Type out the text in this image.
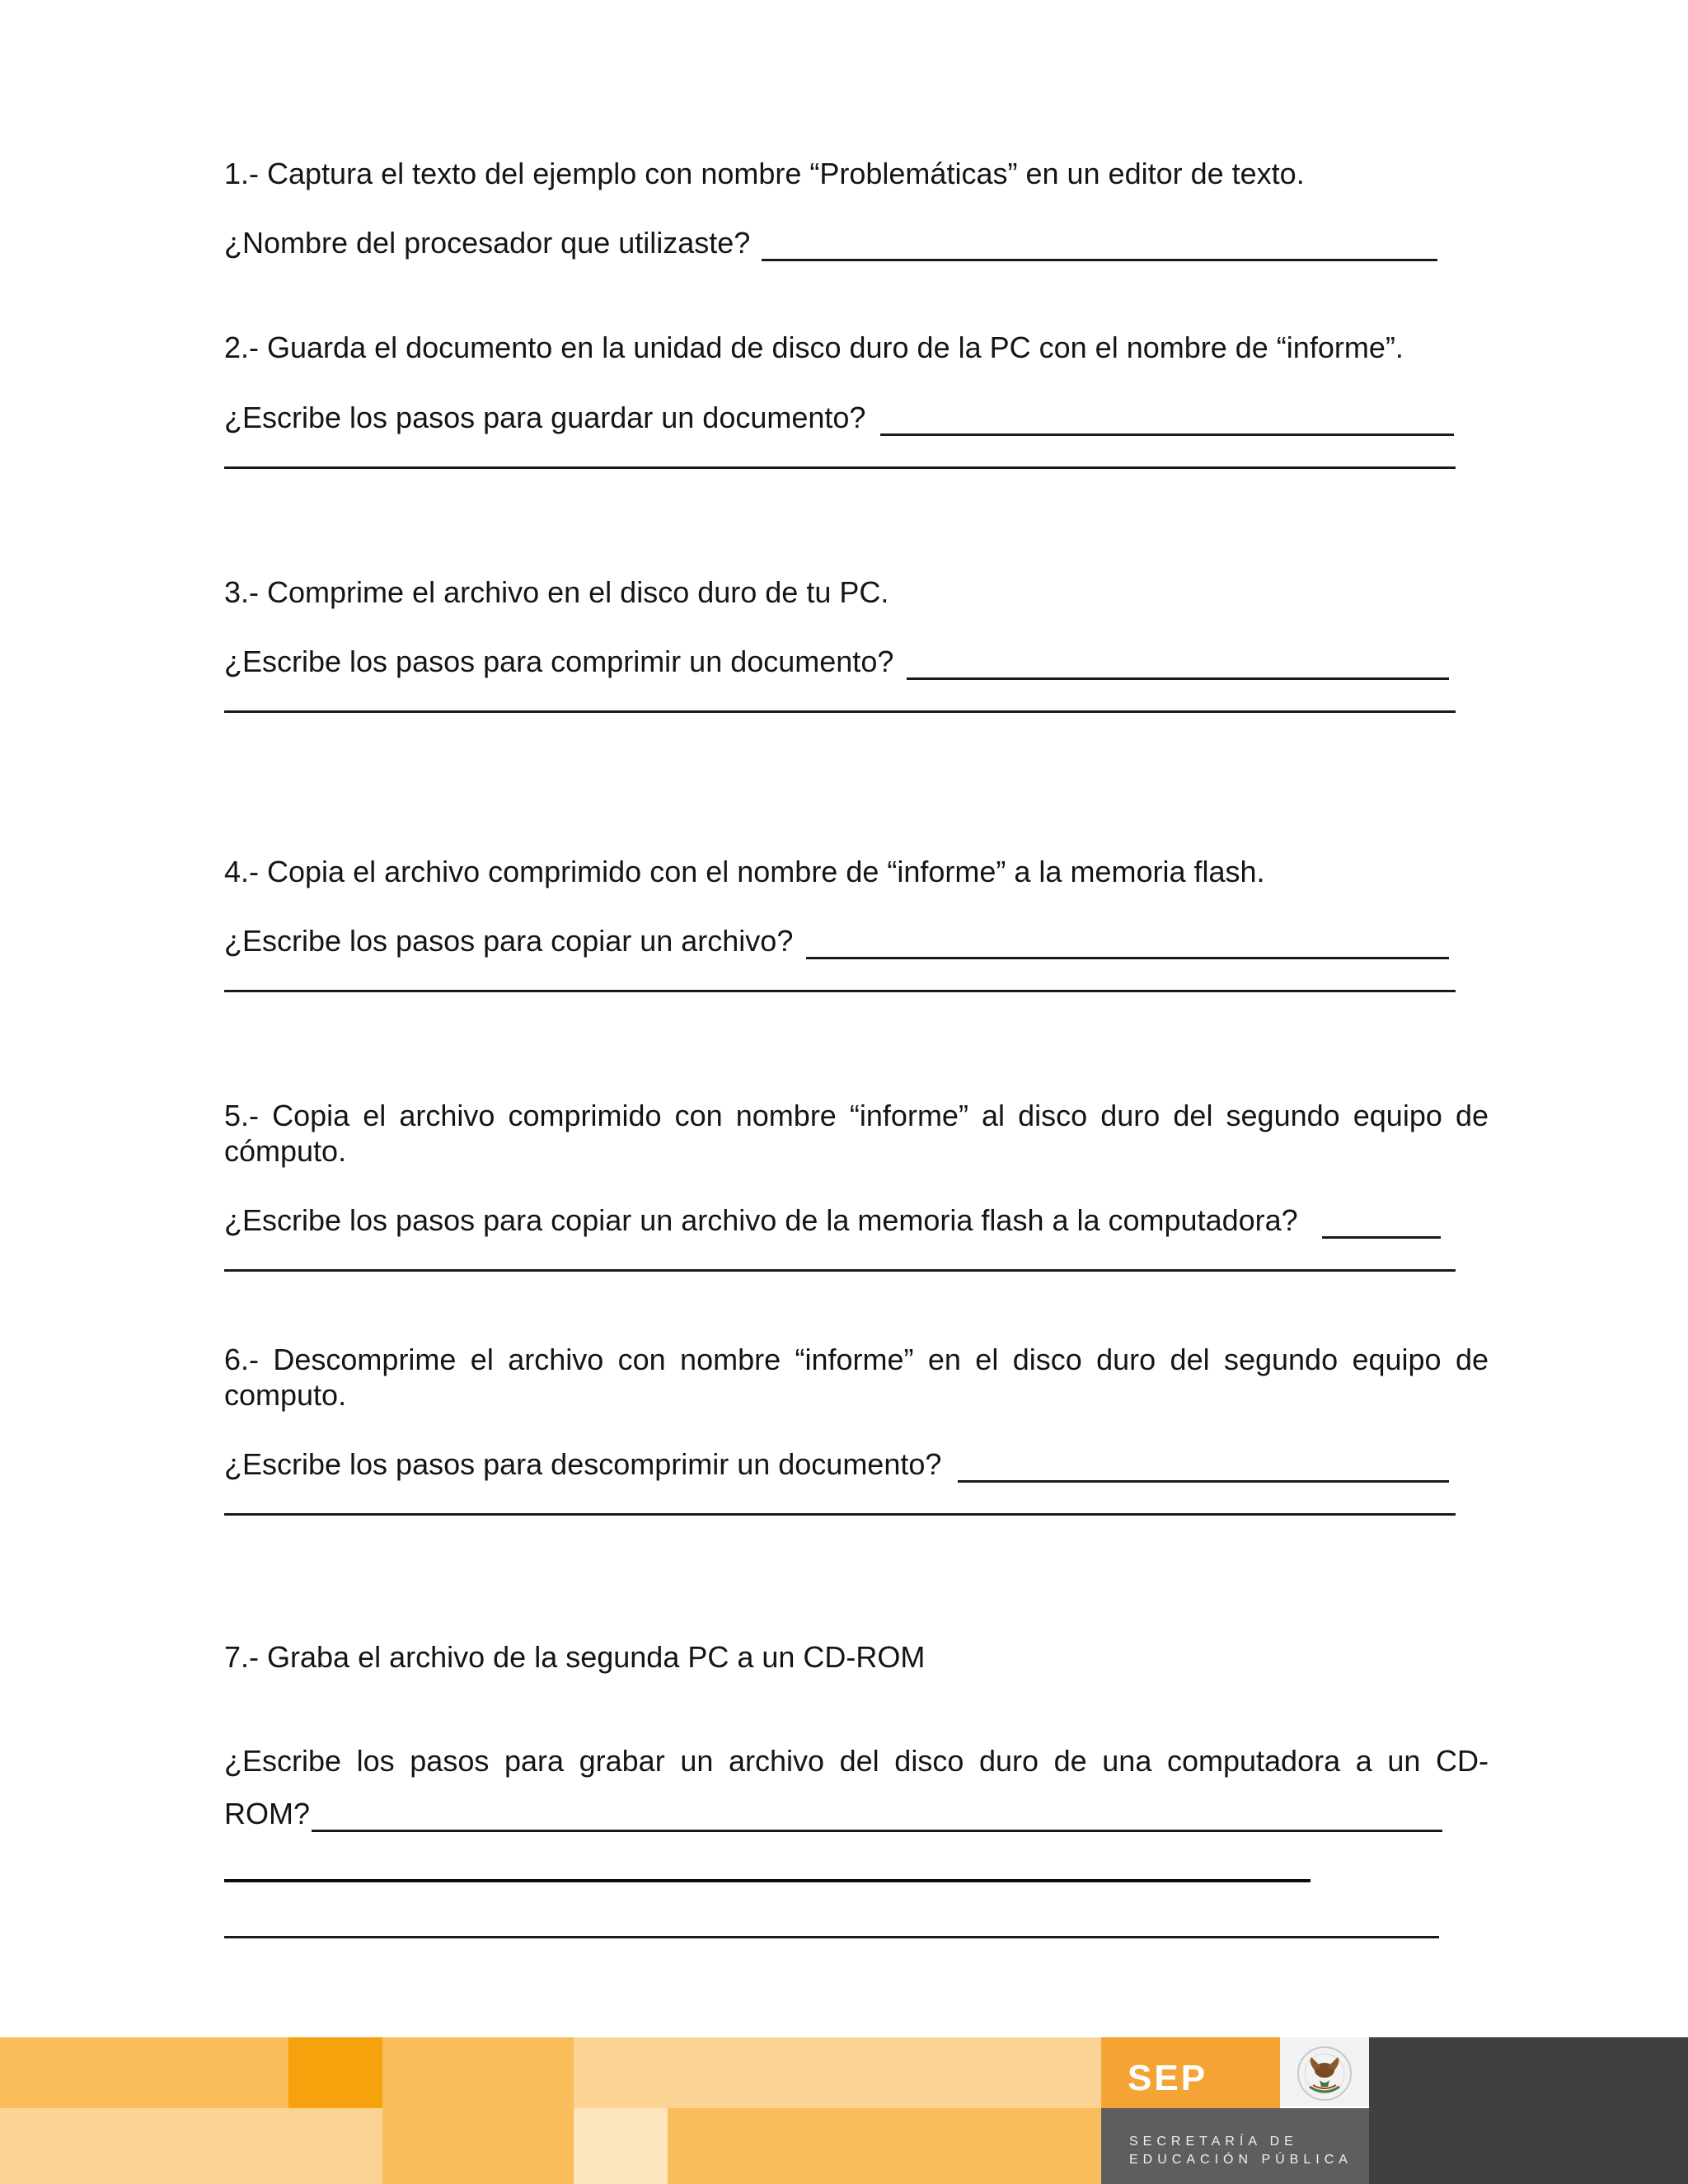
1.- Captura el texto del ejemplo con nombre “Problemáticas” en un editor de texto.
¿Nombre del procesador que utilizaste?
2.- Guarda el documento en la unidad de disco duro de la PC con el nombre de “informe”.
¿Escribe los pasos para guardar un documento?
3.- Comprime el archivo en el disco duro de tu PC.
¿Escribe los pasos para comprimir un documento?
4.- Copia el archivo comprimido con el nombre de “informe” a la memoria flash.
¿Escribe los pasos para copiar un archivo?
5.- Copia el archivo comprimido con nombre “informe” al disco duro del segundo equipo de
cómputo.
¿Escribe los pasos para copiar un archivo de la memoria flash a la computadora?
6.- Descomprime el archivo con nombre “informe” en el disco duro del segundo equipo de
computo.
¿Escribe los pasos para descomprimir un documento?
7.- Graba el archivo de la segunda PC a un CD-ROM
¿Escribe los pasos para grabar un archivo del disco duro de una computadora a un CD-
ROM?
SEP
SECRETARÍA DE
EDUCACIÓN PÚBLICA
